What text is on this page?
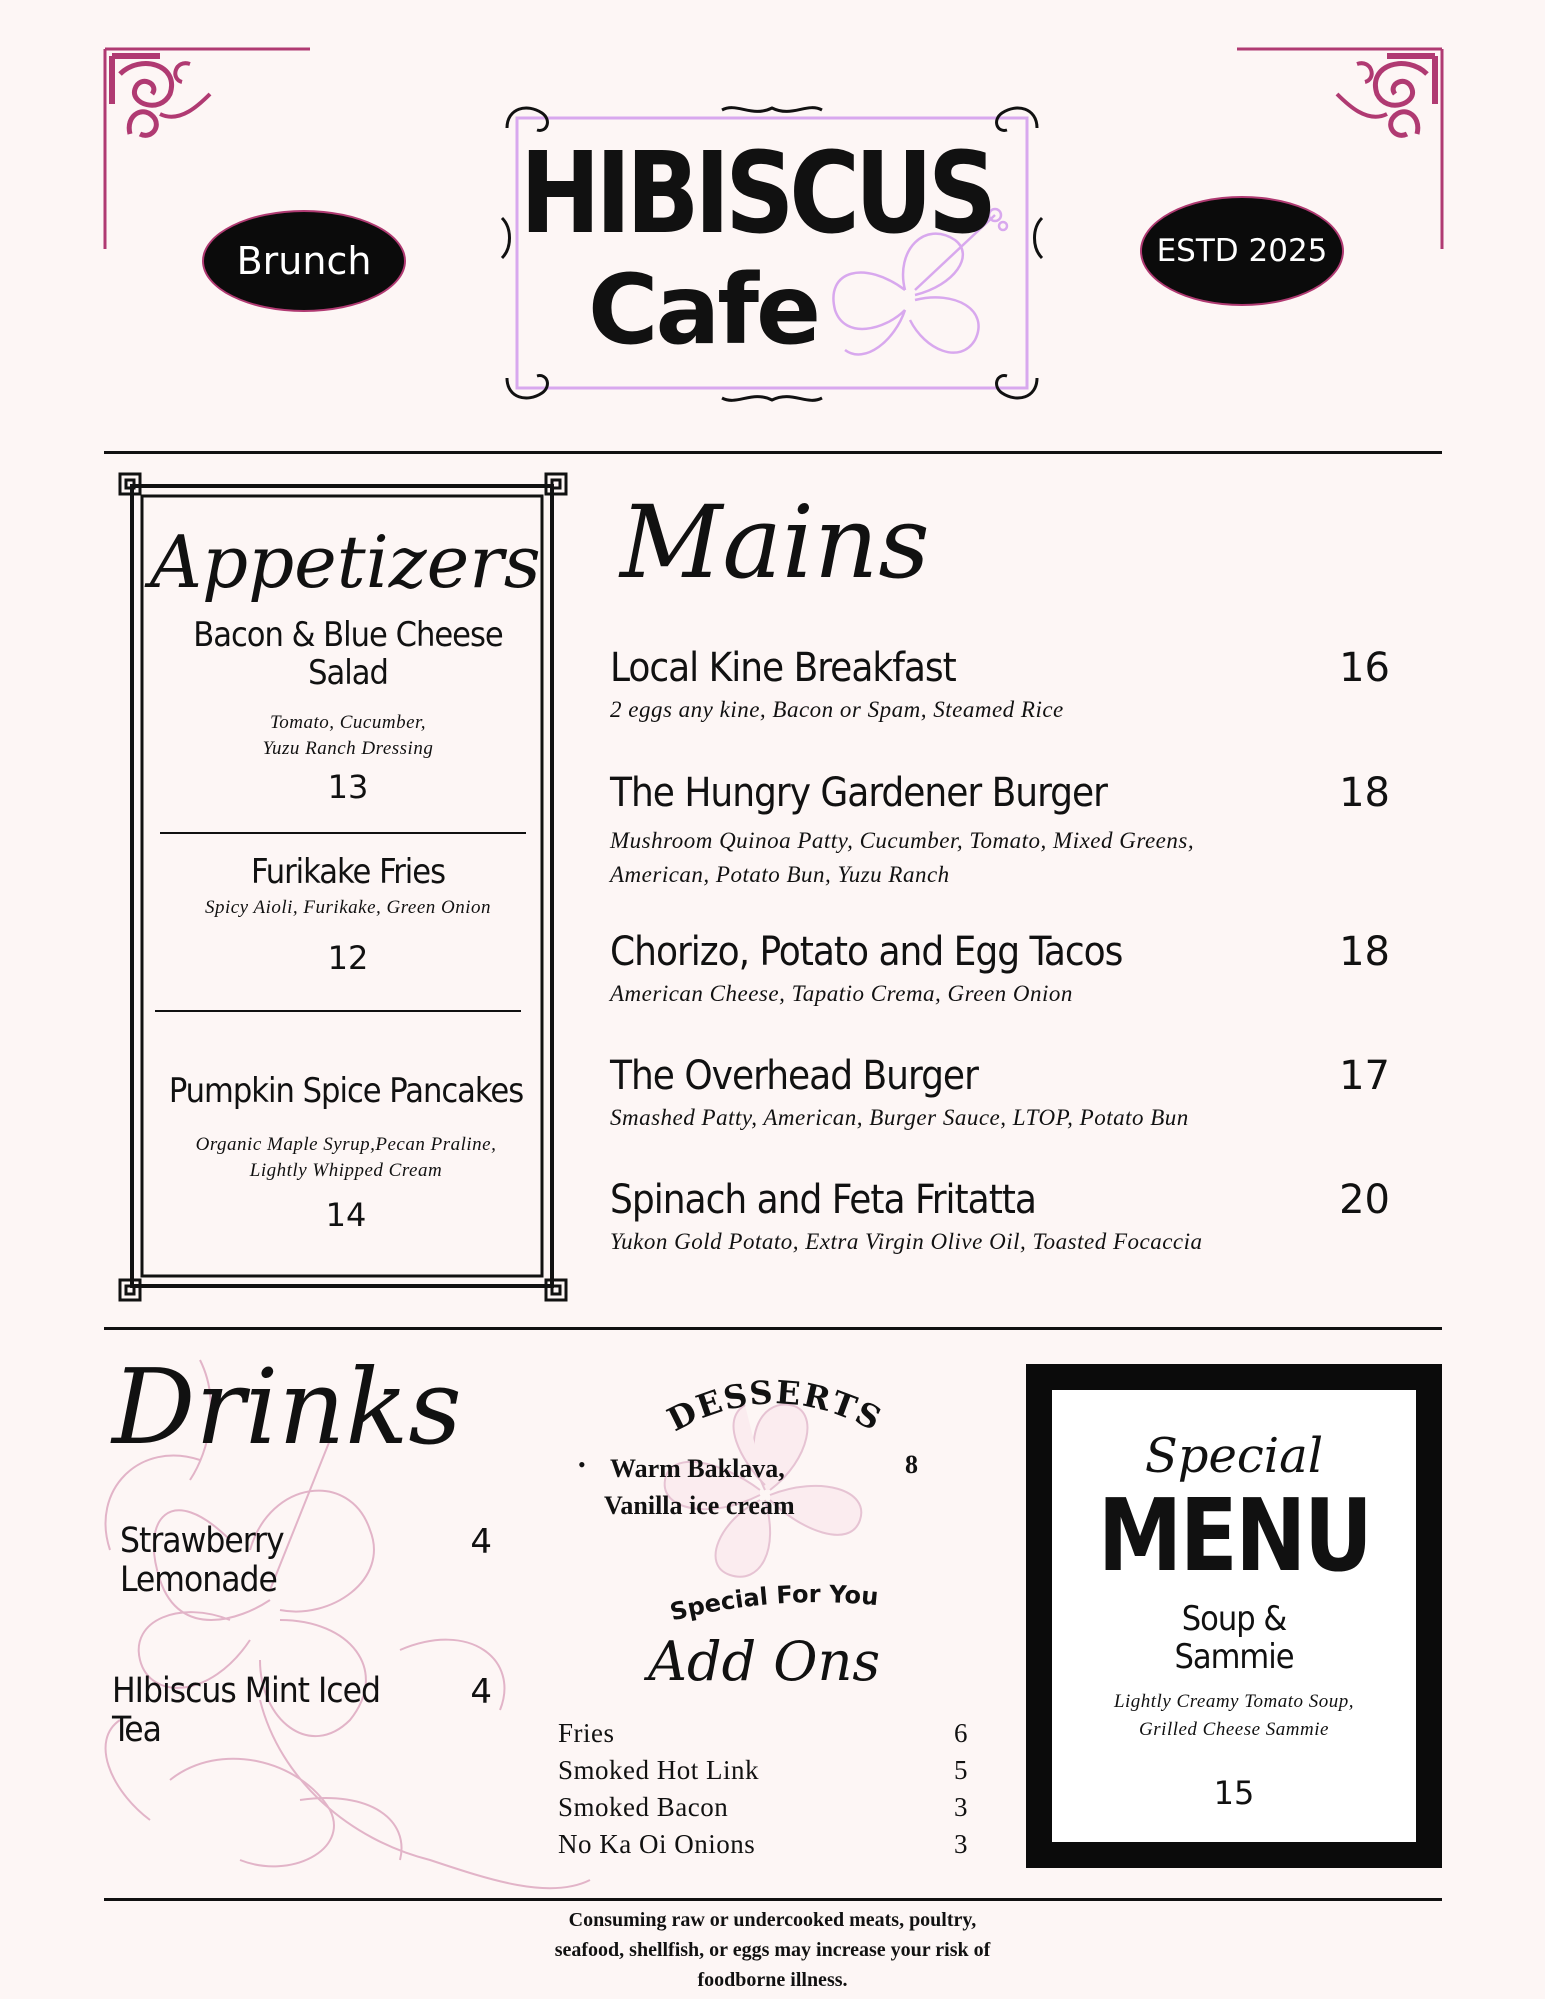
Brunch	ESTD 2025
HIBISCUS
Cafe
Appetizers
Bacon & Blue Cheese Salad
Tomato, Cucumber,
Yuzu Ranch Dressing
13
Furikake Fries
Spicy Aioli, Furikake, Green Onion
12
Pumpkin Spice Pancakes
Organic Maple Syrup,Pecan Praline,
Lightly Whipped Cream
14
Mains
Local Kine Breakfast
2 eggs any kine, Bacon or Spam, Steamed Rice
16
The Hungry Gardener Burger
Mushroom Quinoa Patty, Cucumber, Tomato, Mixed Greens,
American, Potato Bun, Yuzu Ranch
18
Chorizo, Potato and Egg Tacos
American Cheese, Tapatio Crema, Green Onion
18
The Overhead Burger
Smashed Patty, American, Burger Sauce, LTOP, Potato Bun
17
Spinach and Feta Fritatta
Yukon Gold Potato, Extra Virgin Olive Oil, Toasted Focaccia
20
Drinks
Strawberry
Lemonade
4
HIbiscus Mint Iced
Tea
4
DESSERTS
• Warm Baklava,
Vanilla ice cream
8
Special For You
Add Ons
Fries	6
Smoked Hot Link	5
Smoked Bacon	3
No Ka Oi Onions	3
Special
MENU
Soup &
Sammie
Lightly Creamy Tomato Soup,
Grilled Cheese Sammie
15
Consuming raw or undercooked meats, poultry,
seafood, shellfish, or eggs may increase your risk of
foodborne illness.
